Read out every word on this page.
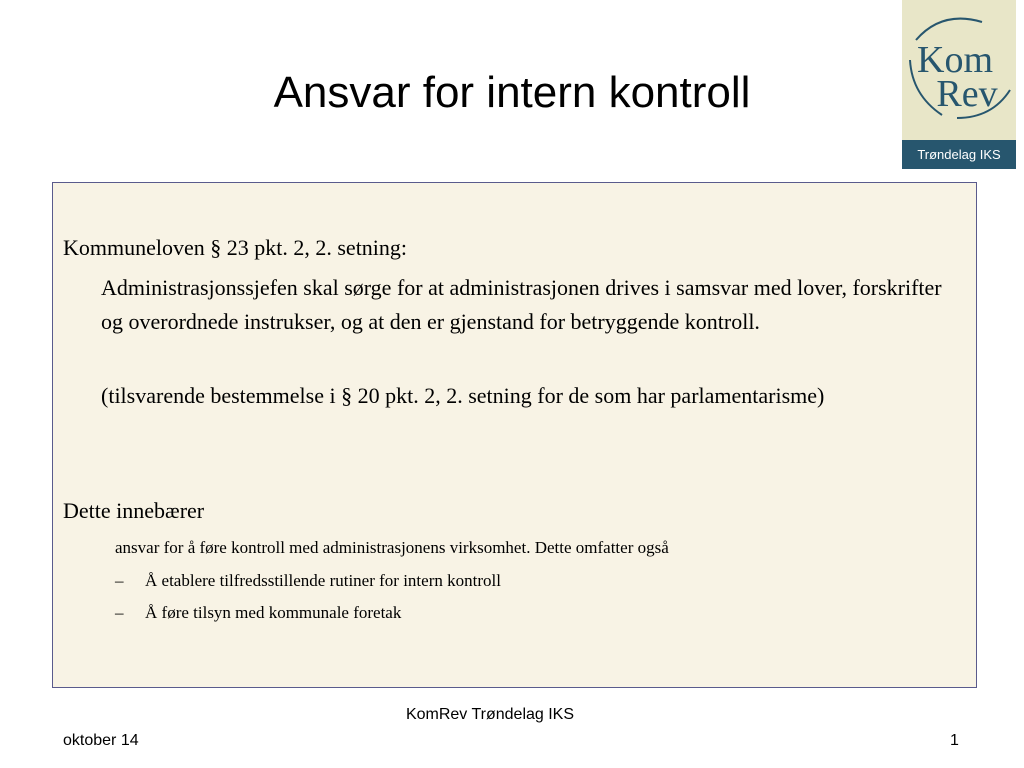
Ansvar for intern kontroll
Kom
Rev
Trøndelag IKS

Kommuneloven § 23 pkt. 2, 2. setning:

Administrasjonssjefen skal sørge for at administrasjonen drives i samsvar med lover, forskrifter og overordnede instrukser, og at den er gjenstand for betryggende kontroll.

(tilsvarende bestemmelse i § 20 pkt. 2, 2. setning for de som har parlamentarisme)

Dette innebærer

ansvar for å føre kontroll med administrasjonens virksomhet. Dette omfatter også

– Å etablere tilfredsstillende rutiner for intern kontroll

– Å føre tilsyn med kommunale foretak

KomRev Trøndelag IKS
oktober 14	1
